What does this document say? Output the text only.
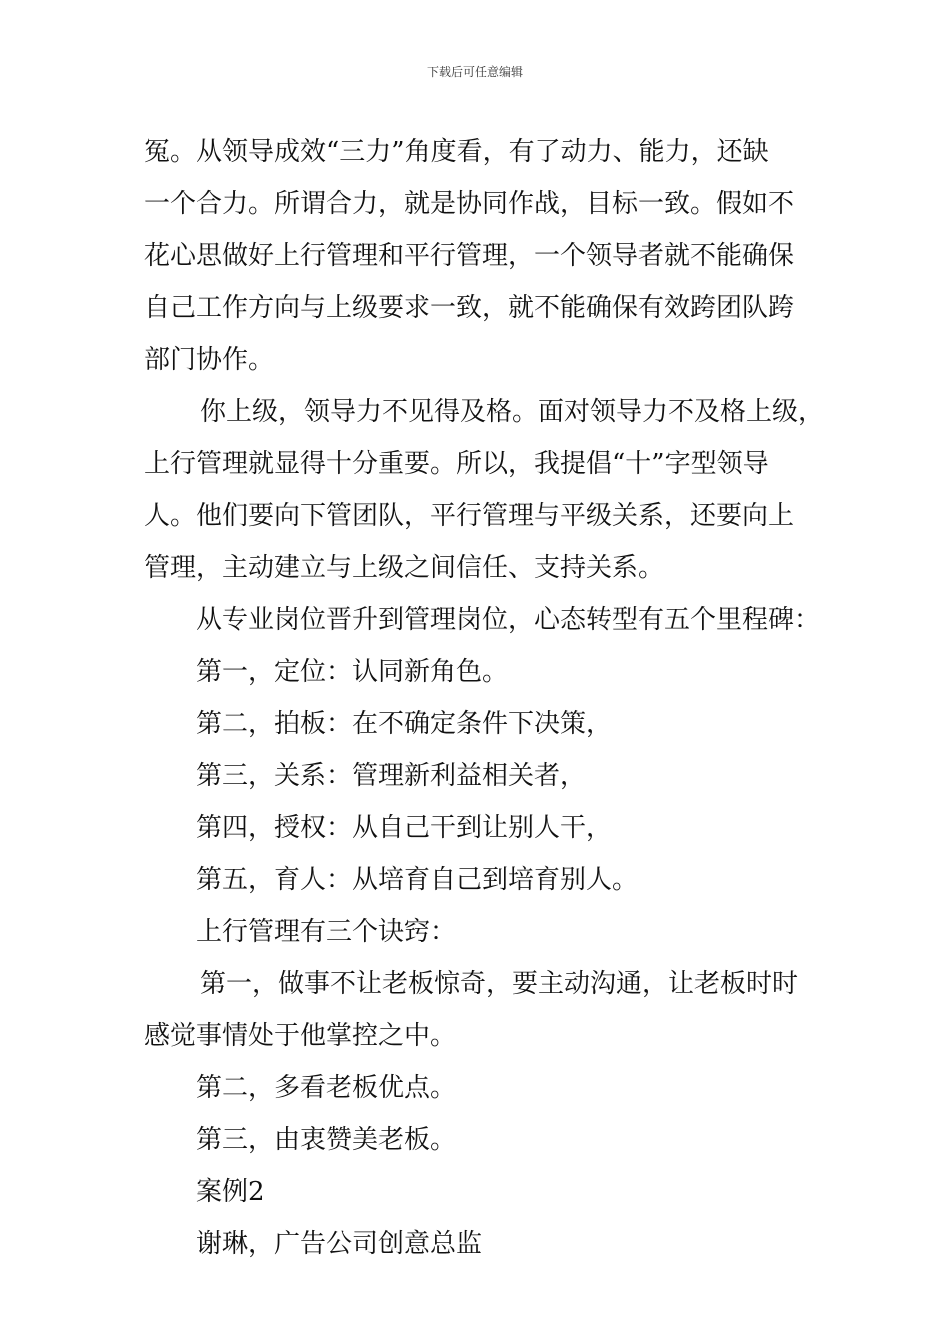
下载后可任意编辑
冤。从领导成效“三力”角度看，有了动力、能力，还缺
一个合力。所谓合力，就是协同作战，目标一致。假如不
花心思做好上行管理和平行管理，一个领导者就不能确保
自己工作方向与上级要求一致，就不能确保有效跨团队跨
部门协作。
你上级，领导力不见得及格。面对领导力不及格上级，
上行管理就显得十分重要。所以，我提倡“十”字型领导
人。他们要向下管团队，平行管理与平级关系，还要向上
管理，主动建立与上级之间信任、支持关系。
从专业岗位晋升到管理岗位，心态转型有五个里程碑：
第一，定位：认同新角色。
第二，拍板：在不确定条件下决策，
第三，关系：管理新利益相关者，
第四，授权：从自己干到让别人干，
第五，育人：从培育自己到培育别人。
上行管理有三个诀窍：
第一，做事不让老板惊奇，要主动沟通，让老板时时
感觉事情处于他掌控之中。
第二，多看老板优点。
第三，由衷赞美老板。
案例2
谢琳，广告公司创意总监
